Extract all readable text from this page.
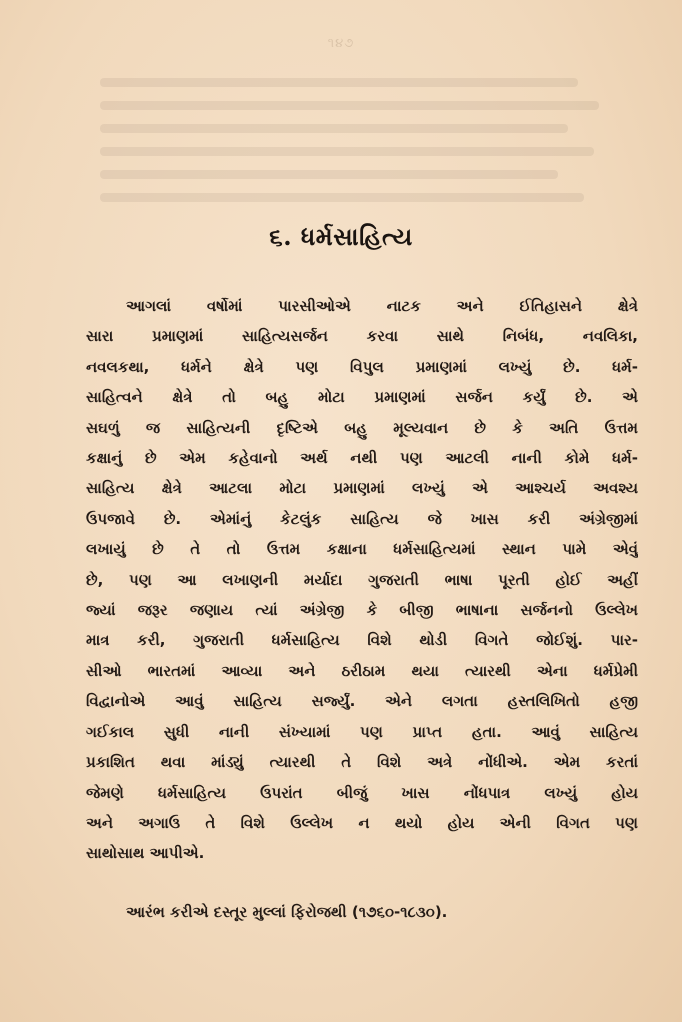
૧૪૭
૬. ધર્મસાહિત્ય
આગલાં વર્ષોમાં પારસીઓએ નાટક અને ઈતિહાસને ક્ષેત્રે
સારા પ્રમાણમાં સાહિત્યસર્જન કરવા સાથે નિબંધ, નવલિકા,
નવલકથા, ધર્મને ક્ષેત્રે પણ વિપુલ પ્રમાણમાં લખ્યું છે. ધર્મ-
સાહિત્વને ક્ષેત્રે તો બહુ મોટા પ્રમાણમાં સર્જન કર્યું છે. એ
સઘળું જ સાહિત્યની દૃષ્ટિએ બહુ મૂલ્યવાન છે કે અતિ ઉત્તમ
કક્ષાનું છે એમ કહેવાનો અર્થ નથી પણ આટલી નાની કોમે ધર્મ-
સાહિત્ય ક્ષેત્રે આટલા મોટા પ્રમાણમાં લખ્યું એ આશ્ચર્ય અવશ્ય
ઉપજાવે છે. એમાંનું કેટલુંક સાહિત્ય જે ખાસ કરી અંગ્રેજીમાં
લખાયું છે તે તો ઉત્તમ કક્ષાના ધર્મસાહિત્યમાં સ્થાન પામે એવું
છે, પણ આ લખાણની મર્યાદા ગુજરાતી ભાષા પૂરતી હોઈ અહીં
જ્યાં જરૂર જણાય ત્યાં અંગ્રેજી કે બીજી ભાષાના સર્જનનો ઉલ્લેખ
માત્ર કરી, ગુજરાતી ધર્મસાહિત્ય વિશે થોડી વિગતે જોઈશું. પાર-
સીઓ ભારતમાં આવ્યા અને ઠરીઠામ થયા ત્યારથી એના ધર્મપ્રેમી
વિદ્વાનોએ આવું સાહિત્ય સર્જ્યું. એને લગતા હસ્તલિખિતો હજી
ગઈકાલ સુધી નાની સંખ્યામાં પણ પ્રાપ્ત હતા. આવું સાહિત્ય
પ્રકાશિત થવા માંડ્યું ત્યારથી તે વિશે અત્રે નોંધીએ. એમ કરતાં
જેમણે ધર્મસાહિત્ય ઉપરાંત બીજું ખાસ નોંધપાત્ર લખ્યું હોય
અને અગાઉ તે વિશે ઉલ્લેખ ન થયો હોય એની વિગત પણ
સાથોસાથ આપીએ.
આરંભ કરીએ દસ્તૂર મુલ્લાં ફિરોજથી (૧૭૬૦-૧૮૩૦).
